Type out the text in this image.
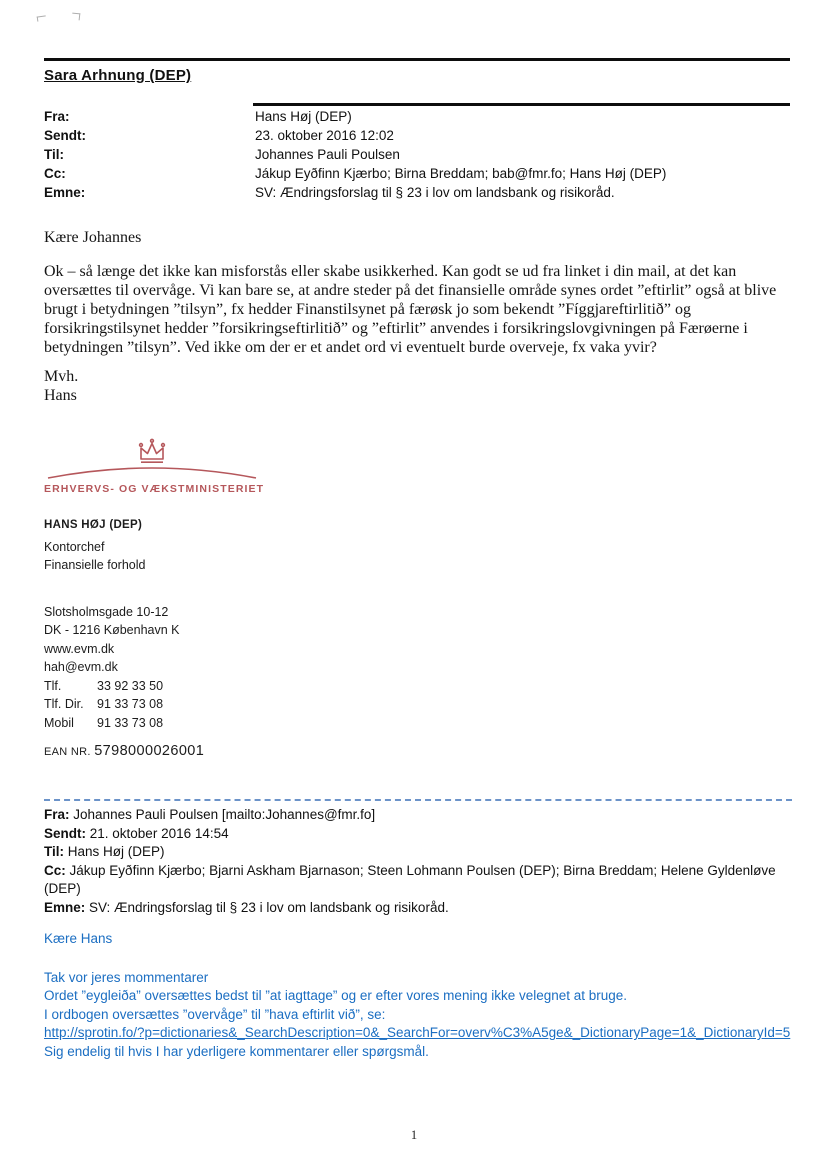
Sara Arhnung (DEP)
Fra:	Hans Høj (DEP)
Sendt:	23. oktober 2016 12:02
Til:	Johannes Pauli Poulsen
Cc:	Jákup Eyðfinn Kjærbo; Birna Breddam; bab@fmr.fo; Hans Høj (DEP)
Emne:	SV: Ændringsforslag til § 23 i lov om landsbank og risikoråd.

Kære Johannes

Ok – så længe det ikke kan misforstås eller skabe usikkerhed. Kan godt se ud fra linket i din mail, at det kan oversættes til overvåge. Vi kan bare se, at andre steder på det finansielle område synes ordet ”eftirlit” også at blive brugt i betydningen ”tilsyn”, fx hedder Finanstilsynet på færøsk jo som bekendt ”Fíggjareftirlitið” og forsikringstilsynet hedder ”forsikringseftirlitið” og ”eftirlit” anvendes i forsikringslovgivningen på Færøerne i betydningen ”tilsyn”. Ved ikke om der er et andet ord vi eventuelt burde overveje, fx vaka yvir?

Mvh.

Hans

ERHVERVS- OG VÆKSTMINISTERIET
HANS HØJ (DEP)
Kontorchef
Finansielle forhold
Slotsholmsgade 10-12
DK - 1216 København K
www.evm.dk
hah@evm.dk
Tlf.	33 92 33 50
Tlf. Dir.	91 33 73 08
Mobil	91 33 73 08
EAN NR. 5798000026001

Fra: Johannes Pauli Poulsen [mailto:Johannes@fmr.fo]

Sendt: 21. oktober 2016 14:54

Til: Hans Høj (DEP)

Cc: Jákup Eyðfinn Kjærbo; Bjarni Askham Bjarnason; Steen Lohmann Poulsen (DEP); Birna Breddam; Helene Gyldenløve (DEP)

Emne: SV: Ændringsforslag til § 23 i lov om landsbank og risikoråd.

Kære Hans

Tak vor jeres mommentarer

Ordet ”eygleiða” oversættes bedst til ”at iagttage” og er efter vores mening ikke velegnet at bruge.

I ordbogen oversættes ”overvåge” til ”hava eftirlit við”, se:

http://sprotin.fo/?p=dictionaries&_SearchDescription=0&_SearchFor=overv%C3%A5ge&_DictionaryPage=1&_DictionaryId=5

Sig endelig til hvis I har yderligere kommentarer eller spørgsmål.

1
